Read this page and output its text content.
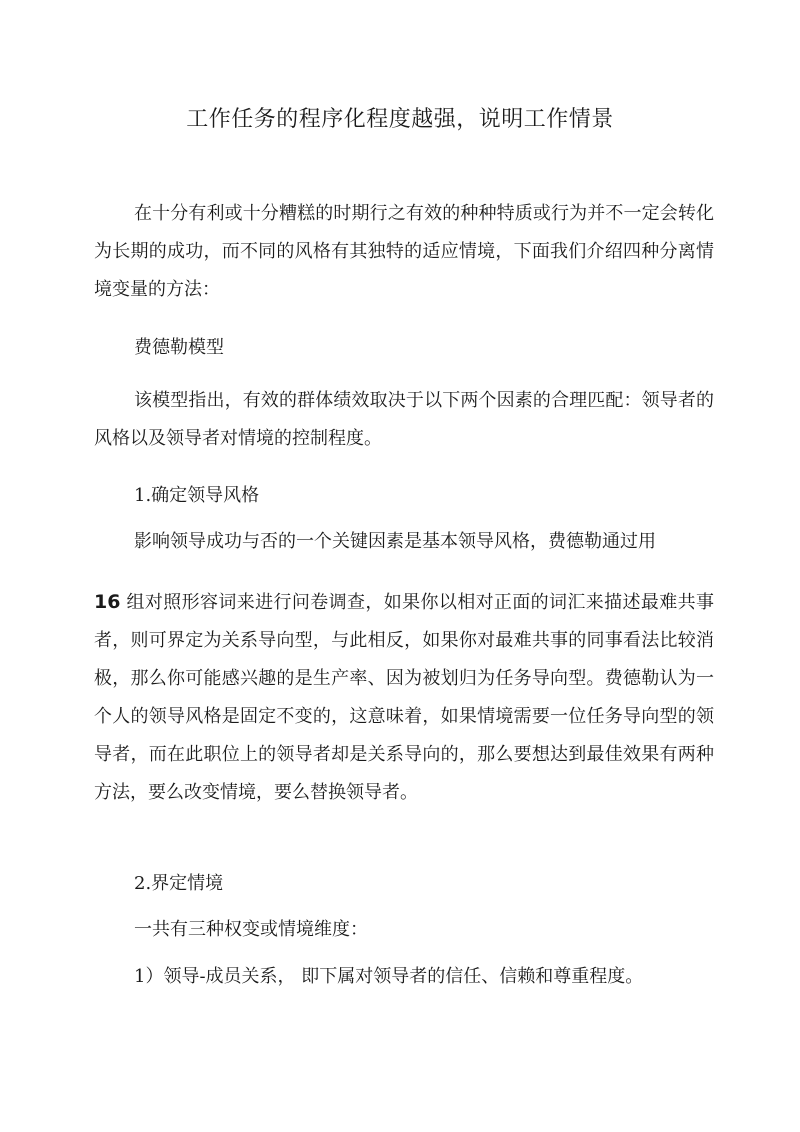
工作任务的程序化程度越强，说明工作情景
在十分有利或十分糟糕的时期行之有效的种种特质或行为并不一定会转化为长期的成功，而不同的风格有其独特的适应情境，下面我们介绍四种分离情境变量的方法：
费德勒模型
该模型指出，有效的群体绩效取决于以下两个因素的合理匹配：领导者的风格以及领导者对情境的控制程度。
1.确定领导风格
影响领导成功与否的一个关键因素是基本领导风格，费德勒通过用
16 组对照形容词来进行问卷调查，如果你以相对正面的词汇来描述最难共事者，则可界定为关系导向型，与此相反，如果你对最难共事的同事看法比较消极，那么你可能感兴趣的是生产率、因为被划归为任务导向型。费德勒认为一个人的领导风格是固定不变的，这意味着，如果情境需要一位任务导向型的领导者，而在此职位上的领导者却是关系导向的，那么要想达到最佳效果有两种方法，要么改变情境，要么替换领导者。
2.界定情境
一共有三种权变或情境维度：
1）领导-成员关系， 即下属对领导者的信任、信赖和尊重程度。
